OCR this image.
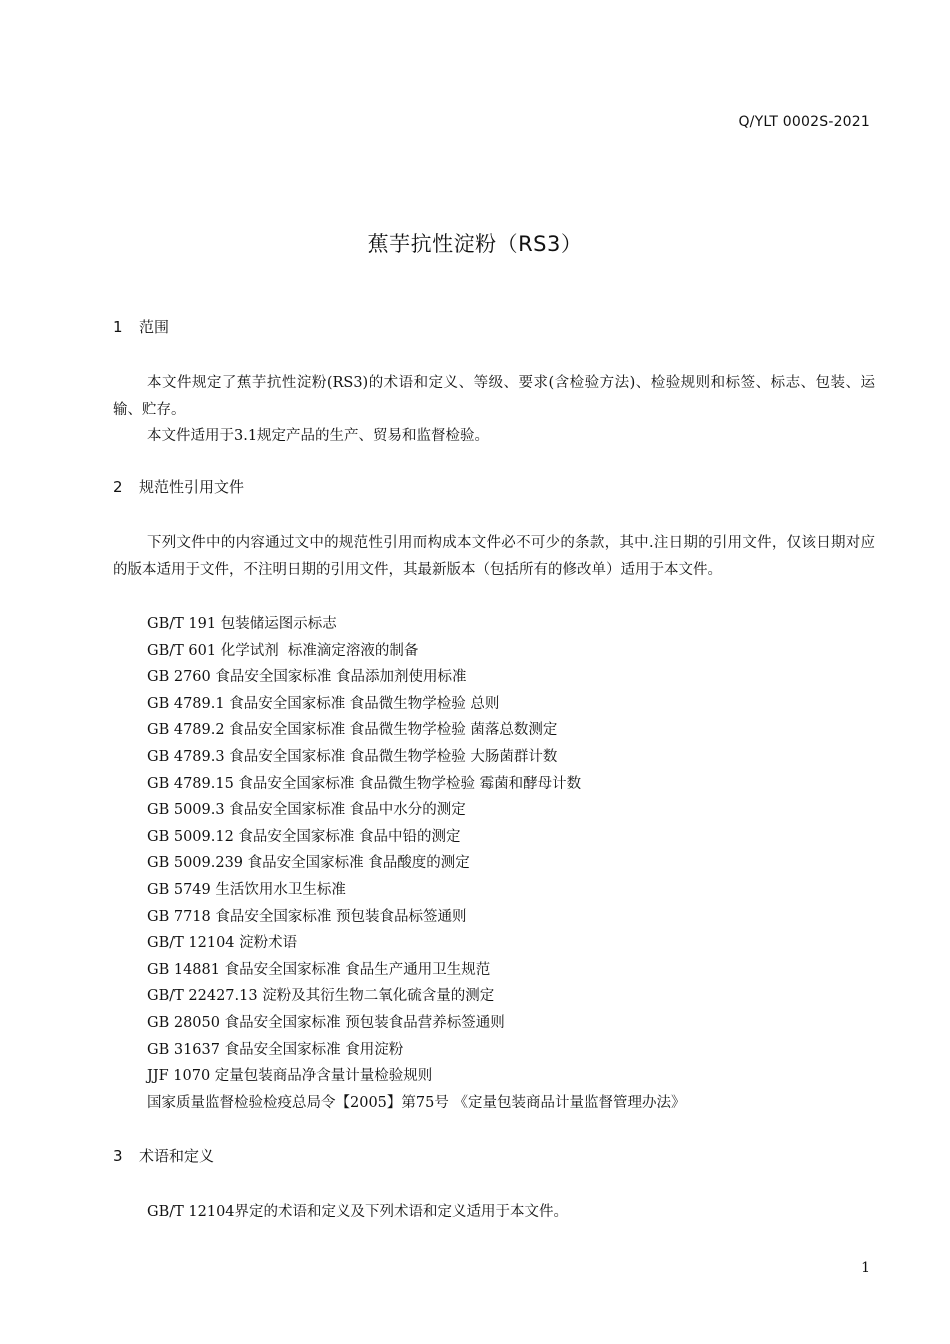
Q/YLT 0002S-2021
蕉芋抗性淀粉（RS3）
1 范围

本文件规定了蕉芋抗性淀粉(RS3)的术语和定义、等级、要求(含检验方法)、检验规则和标签、标志、包装、运输、贮存。

本文件适用于3.1规定产品的生产、贸易和监督检验。

2 规范性引用文件

下列文件中的内容通过文中的规范性引用而构成本文件必不可少的条款，其中.注日期的引用文件，仅该日期对应的版本适用于文件，不注明日期的引用文件，其最新版本（包括所有的修改单）适用于本文件。

GB/T 191 包装储运图示标志
GB/T 601 化学试剂  标准滴定溶液的制备
GB 2760 食品安全国家标准 食品添加剂使用标准
GB 4789.1 食品安全国家标准 食品微生物学检验 总则
GB 4789.2 食品安全国家标准 食品微生物学检验 菌落总数测定
GB 4789.3 食品安全国家标准 食品微生物学检验 大肠菌群计数
GB 4789.15 食品安全国家标准 食品微生物学检验 霉菌和酵母计数
GB 5009.3 食品安全国家标准 食品中水分的测定
GB 5009.12 食品安全国家标准 食品中铅的测定
GB 5009.239 食品安全国家标准 食品酸度的测定
GB 5749 生活饮用水卫生标准
GB 7718 食品安全国家标准 预包装食品标签通则
GB/T 12104 淀粉术语
GB 14881 食品安全国家标准 食品生产通用卫生规范
GB/T 22427.13 淀粉及其衍生物二氧化硫含量的测定
GB 28050 食品安全国家标准 预包装食品营养标签通则
GB 31637 食品安全国家标准 食用淀粉
JJF 1070 定量包装商品净含量计量检验规则
国家质量监督检验检疫总局令【2005】第75号 《定量包装商品计量监督管理办法》
3 术语和定义
GB/T 12104界定的术语和定义及下列术语和定义适用于本文件。
1
